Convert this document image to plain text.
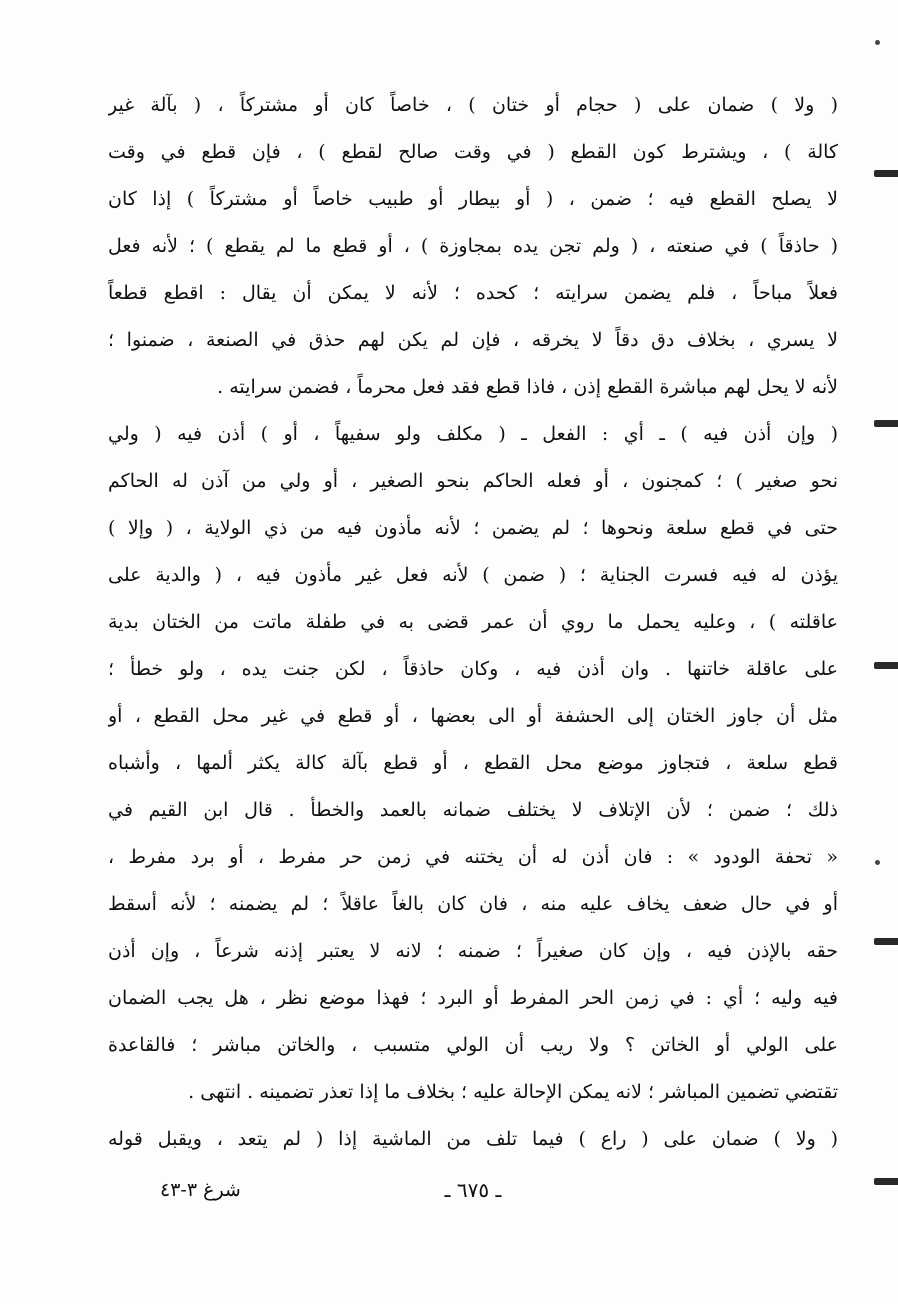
( ولا ) ضمان على ( حجام أو ختان ) ، خاصاً كان أو مشتركاً ، ( بآلة غير
كالة ) ، ويشترط كون القطع ( في وقت صالح لقطع ) ، فإن قطع في وقت
لا يصلح القطع فيه ؛ ضمن ، ( أو بيطار أو طبيب خاصاً أو مشتركاً ) إذا كان
( حاذقاً ) في صنعته ، ( ولم تجن يده بمجاوزة ) ، أو قطع ما لم يقطع ) ؛ لأنه فعل
فعلاً مباحاً ، فلم يضمن سرايته ؛ كحده ؛ لأنه لا يمكن أن يقال : اقطع قطعاً
لا يسري ، بخلاف دق دقاً لا يخرقه ، فإن لم يكن لهم حذق في الصنعة ، ضمنوا ؛
لأنه لا يحل لهم مباشرة القطع إذن ، فاذا قطع فقد فعل محرماً ، فضمن سرايته .
( وإن أذن فيه ) ـ أي : الفعل ـ ( مكلف ولو سفيهاً ، أو ) أذن فيه ( ولي
نحو صغير ) ؛ كمجنون ، أو فعله الحاكم بنحو الصغير ، أو ولي من آذن له الحاكم
حتى في قطع سلعة ونحوها ؛ لم يضمن ؛ لأنه مأذون فيه من ذي الولاية ، ( وإلا )
يؤذن له فيه فسرت الجناية ؛ ( ضمن ) لأنه فعل غير مأذون فيه ، ( والدية على
عاقلته ) ، وعليه يحمل ما روي أن عمر قضى به في طفلة ماتت من الختان بدية
على عاقلة خاتنها . وان أذن فيه ، وكان حاذقاً ، لكن جنت يده ، ولو خطأ ؛
مثل أن جاوز الختان إلى الحشفة أو الى بعضها ، أو قطع في غير محل القطع ، أو
قطع سلعة ، فتجاوز موضع محل القطع ، أو قطع بآلة كالة يكثر ألمها ، وأشباه
ذلك ؛ ضمن ؛ لأن الإتلاف لا يختلف ضمانه بالعمد والخطأ . قال ابن القيم في
« تحفة الودود » : فان أذن له أن يختنه في زمن حر مفرط ، أو برد مفرط ،
أو في حال ضعف يخاف عليه منه ، فان كان بالغاً عاقلاً ؛ لم يضمنه ؛ لأنه أسقط
حقه بالإذن فيه ، وإن كان صغيراً ؛ ضمنه ؛ لانه لا يعتبر إذنه شرعاً ، وإن أذن
فيه وليه ؛ أي : في زمن الحر المفرط أو البرد ؛ فهذا موضع نظر ، هل يجب الضمان
على الولي أو الخاتن ؟ ولا ريب أن الولي متسبب ، والخاتن مباشر ؛ فالقاعدة
تقتضي تضمين المباشر ؛ لانه يمكن الإحالة عليه ؛ بخلاف ما إذا تعذر تضمينه . انتهى .
( ولا ) ضمان على ( راع ) فيما تلف من الماشية إذا ( لم يتعد ، ويقبل قوله
ـ ٦٧٥ ـ
شرغ ٣-٤٣
